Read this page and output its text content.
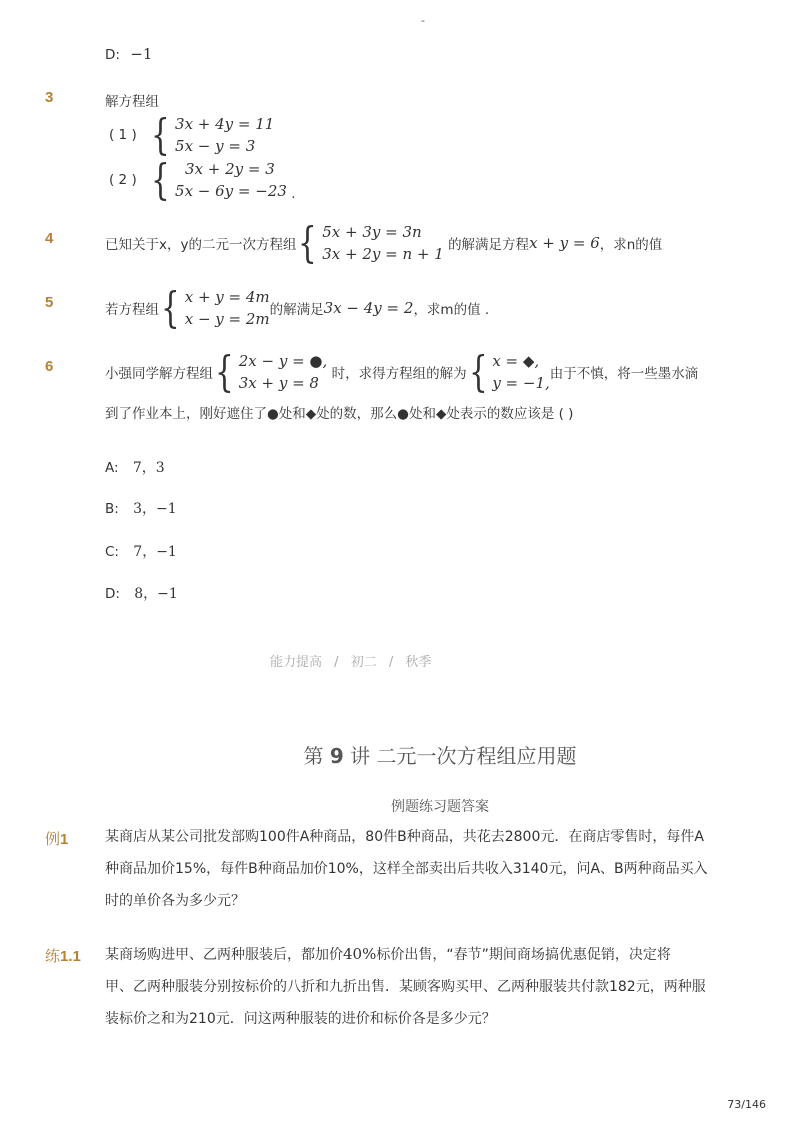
-
D: −1
3	解方程组
( 1 ) { 3x + 4y = 11
5x − y = 3
( 2 ) {	3x + 2y = 3
5x − 6y = −23 .
4	已知关于x，y的二元一次方程组 { 5x + 3y = 3n
3x + 2y = n + 1 的解满足方程x + y = 6，求n的值
5	若方程组 { x + y = 4m
x − y = 2m 的解满足3x − 4y = 2，求m的值 .
6	小强同学解方程组 { 2x − y = ●,
3x + y = 8 时，求得方程组的解为 { x = ◆,
y = −1, 由于不慎，将一些墨水滴
到了作业本上，刚好遮住了●处和◆处的数，那么●处和◆处表示的数应该是 ( )
A: 7，3
B: 3，−1
C: 7，−1
D: 8，−1
能力提高 / 初二 / 秋季
第 9 讲 二元一次方程组应用题
例题练习题答案
例1	某商店从某公司批发部购100件A种商品，80件B种商品，共花去2800元．在商店零售时，每件A
种商品加价15%，每件B种商品加价10%，这样全部卖出后共收入3140元，问A、B两种商品买入
时的单价各为多少元？
练1.1 某商场购进甲、乙两种服装后，都加价40%标价出售，“春节”期间商场搞优惠促销，决定将
甲、乙两种服装分别按标价的八折和九折出售．某顾客购买甲、乙两种服装共付款182元，两种服
装标价之和为210元．问这两种服装的进价和标价各是多少元？
73/146
